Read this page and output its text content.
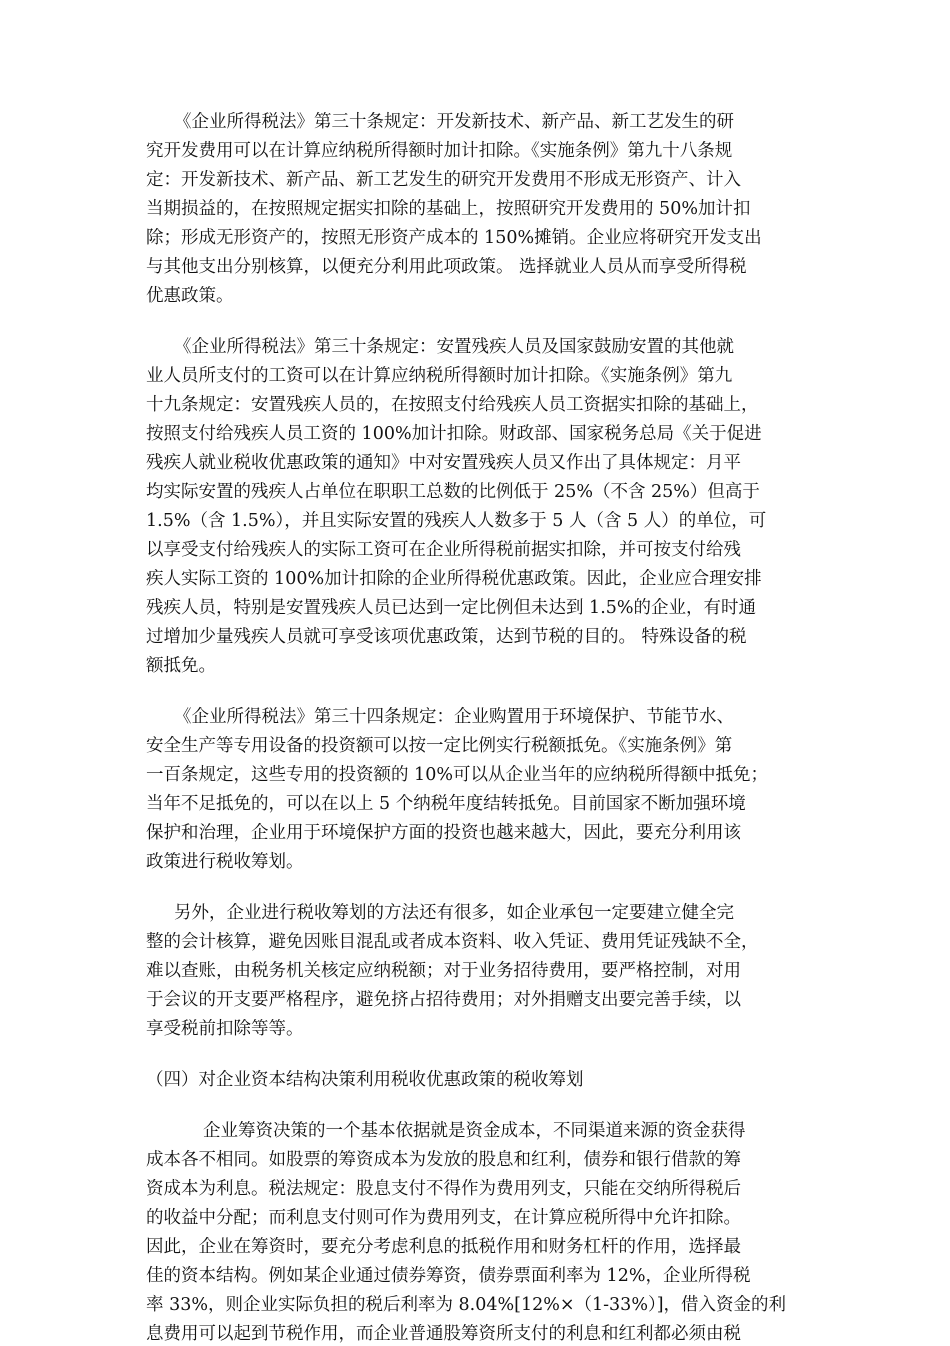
《企业所得税法》第三十条规定：开发新技术、新产品、新工艺发生的研
究开发费用可以在计算应纳税所得额时加计扣除。《实施条例》第九十八条规
定：开发新技术、新产品、新工艺发生的研究开发费用不形成无形资产、计入
当期损益的，在按照规定据实扣除的基础上，按照研究开发费用的 50%加计扣
除；形成无形资产的，按照无形资产成本的 150%摊销。企业应将研究开发支出
与其他支出分别核算，以便充分利用此项政策。 选择就业人员从而享受所得税
优惠政策。
《企业所得税法》第三十条规定：安置残疾人员及国家鼓励安置的其他就
业人员所支付的工资可以在计算应纳税所得额时加计扣除。《实施条例》第九
十九条规定：安置残疾人员的，在按照支付给残疾人员工资据实扣除的基础上，
按照支付给残疾人员工资的 100%加计扣除。财政部、国家税务总局《关于促进
残疾人就业税收优惠政策的通知》中对安置残疾人员又作出了具体规定：月平
均实际安置的残疾人占单位在职职工总数的比例低于 25%（不含 25%）但高于
1.5%（含 1.5%），并且实际安置的残疾人人数多于 5 人（含 5 人）的单位，可
以享受支付给残疾人的实际工资可在企业所得税前据实扣除，并可按支付给残
疾人实际工资的 100%加计扣除的企业所得税优惠政策。因此，企业应合理安排
残疾人员，特别是安置残疾人员已达到一定比例但未达到 1.5%的企业，有时通
过增加少量残疾人员就可享受该项优惠政策，达到节税的目的。 特殊设备的税
额抵免。
《企业所得税法》第三十四条规定：企业购置用于环境保护、节能节水、
安全生产等专用设备的投资额可以按一定比例实行税额抵免。《实施条例》第
一百条规定，这些专用的投资额的 10%可以从企业当年的应纳税所得额中抵免；
当年不足抵免的，可以在以上 5 个纳税年度结转抵免。目前国家不断加强环境
保护和治理，企业用于环境保护方面的投资也越来越大，因此，要充分利用该
政策进行税收筹划。
另外，企业进行税收筹划的方法还有很多，如企业承包一定要建立健全完
整的会计核算，避免因账目混乱或者成本资料、收入凭证、费用凭证残缺不全，
难以查账，由税务机关核定应纳税额；对于业务招待费用，要严格控制，对用
于会议的开支要严格程序，避免挤占招待费用；对外捐赠支出要完善手续，以
享受税前扣除等等。
（四）对企业资本结构决策利用税收优惠政策的税收筹划
企业筹资决策的一个基本依据就是资金成本，不同渠道来源的资金获得
成本各不相同。如股票的筹资成本为发放的股息和红利，债券和银行借款的筹
资成本为利息。税法规定：股息支付不得作为费用列支，只能在交纳所得税后
的收益中分配；而利息支付则可作为费用列支，在计算应税所得中允许扣除。
因此，企业在筹资时，要充分考虑利息的抵税作用和财务杠杆的作用，选择最
佳的资本结构。例如某企业通过债券筹资，债券票面利率为 12%，企业所得税
率 33%，则企业实际负担的税后利率为 8.04%[12%×（1-33%）]，借入资金的利
息费用可以起到节税作用，而企业普通股筹资所支付的利息和红利都必须由税
